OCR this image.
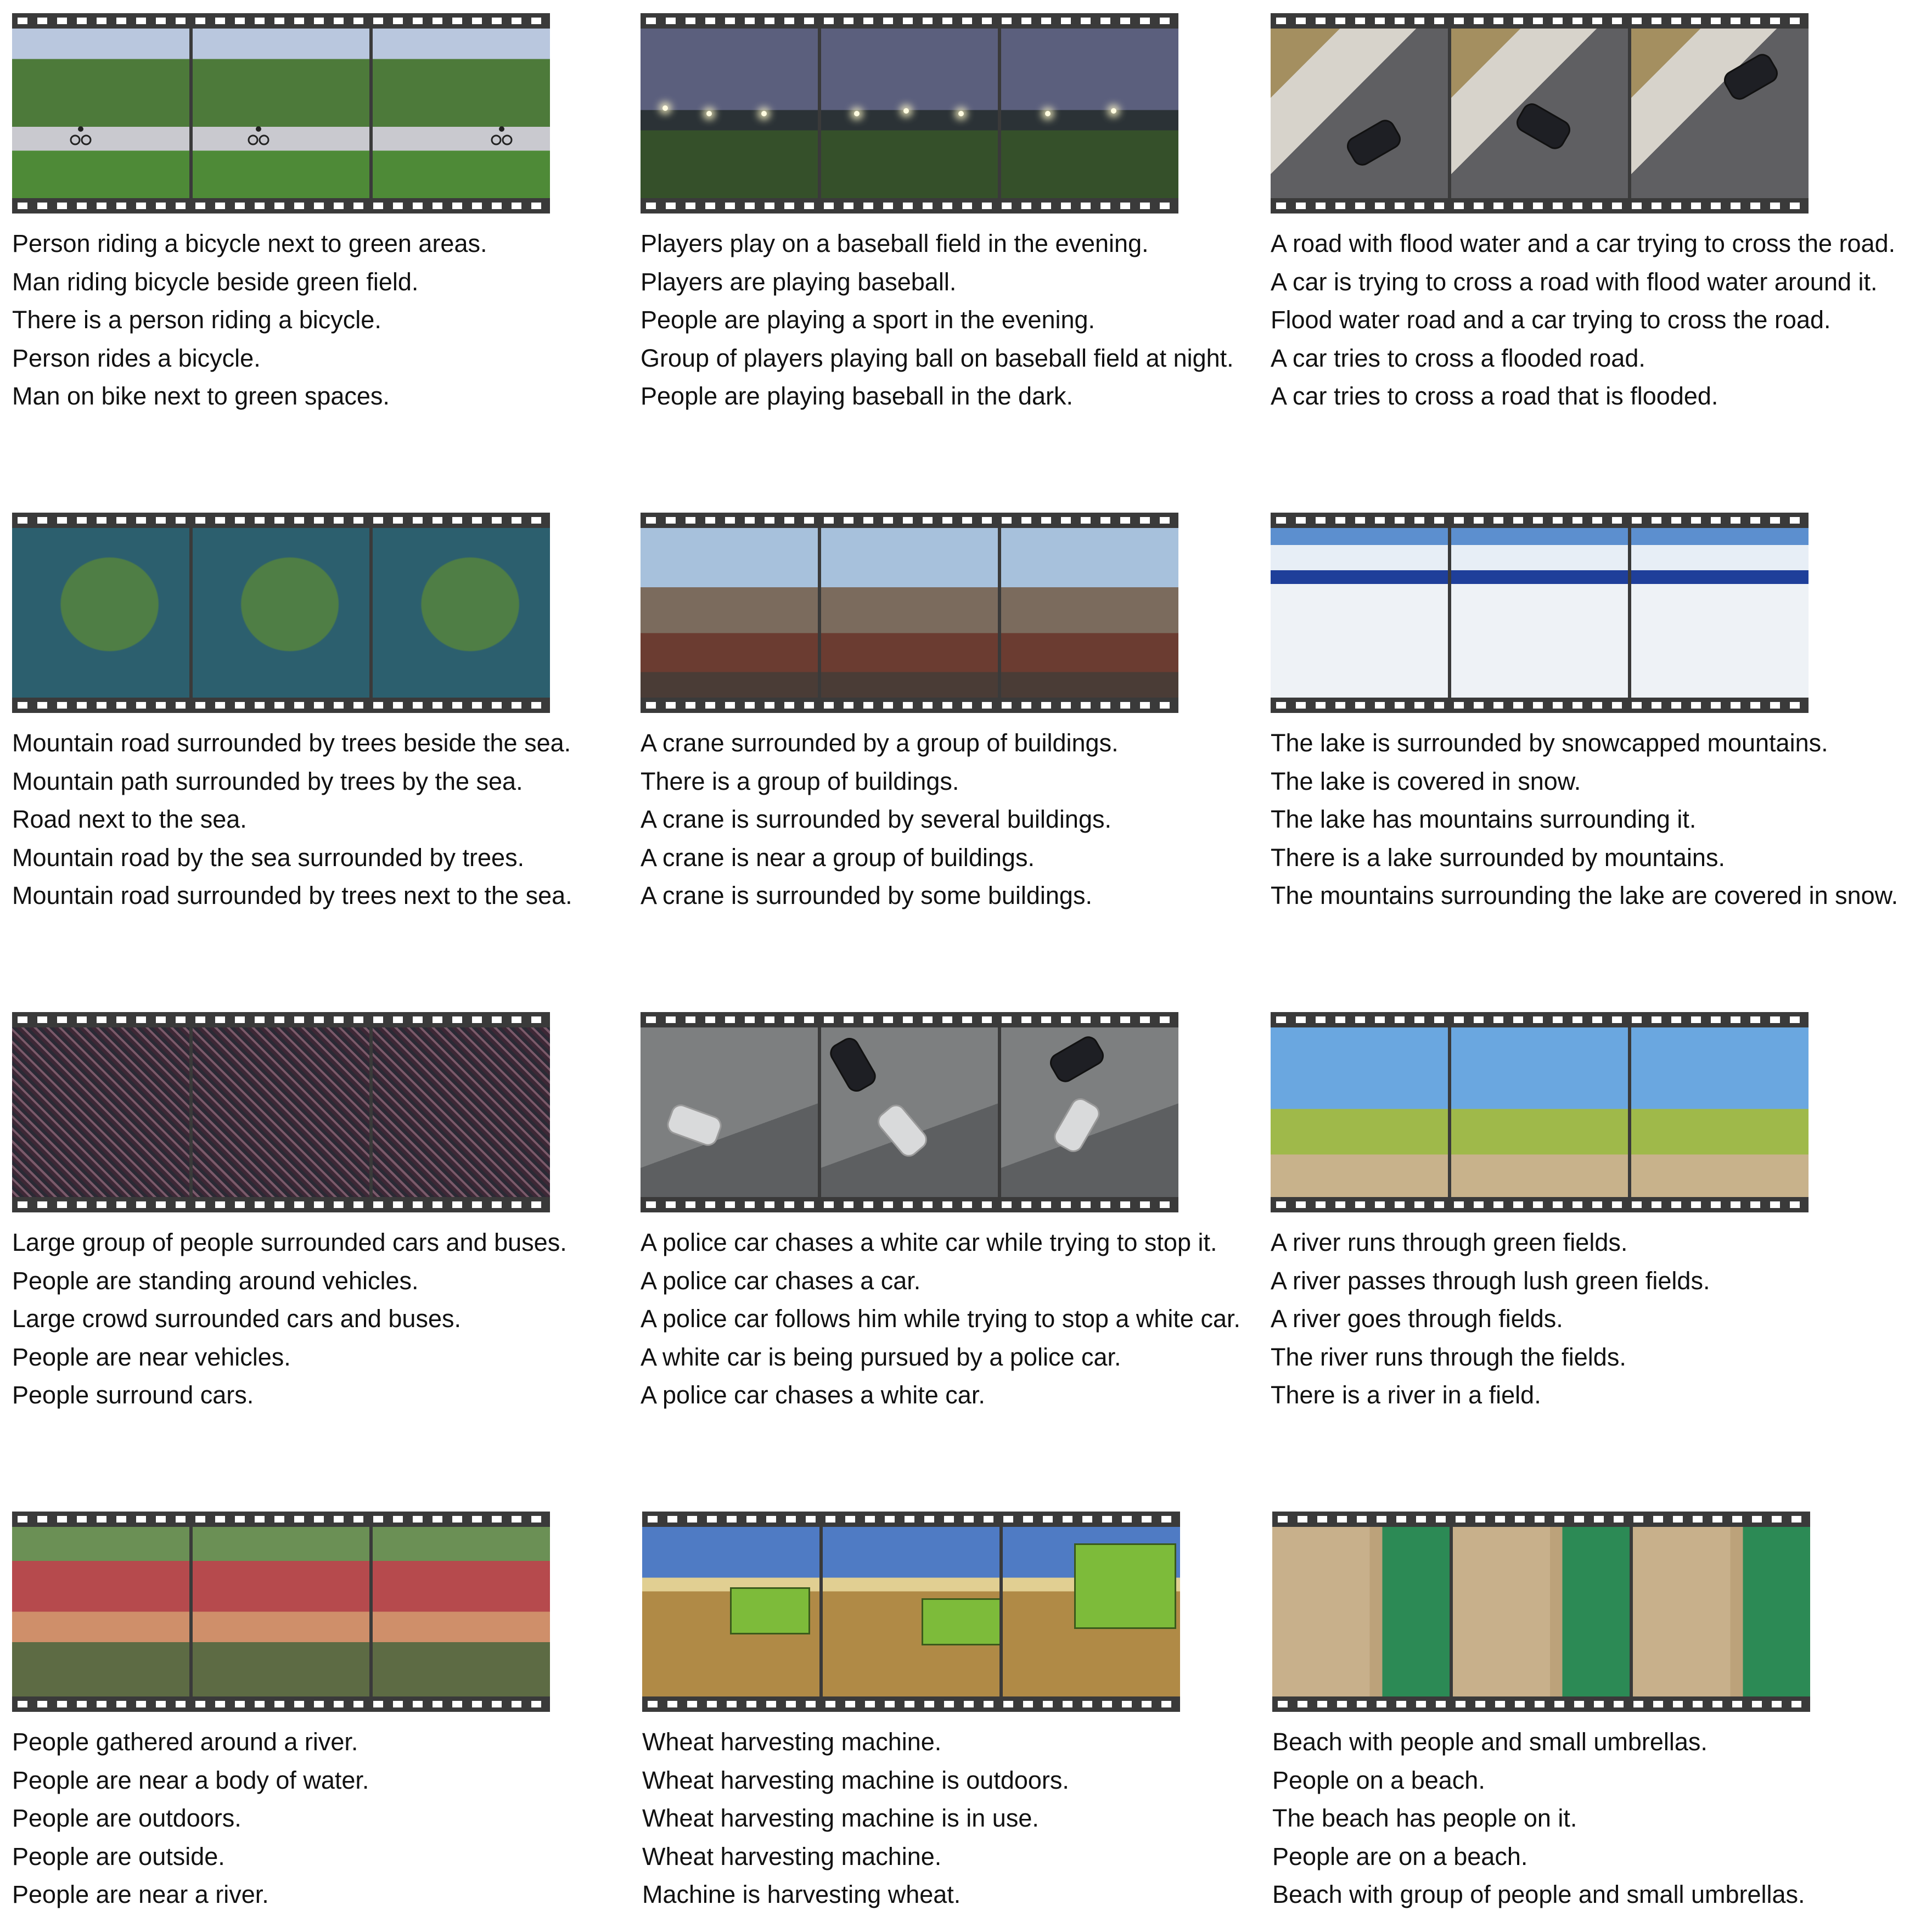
Person riding a bicycle next to green areas.
Man riding bicycle beside green field.
There is a person riding a bicycle.
Person rides a bicycle.
Man on bike next to green spaces.
Players play on a baseball field in the evening.
Players are playing baseball.
People are playing a sport in the evening.
Group of players playing ball on baseball field at night.
People are playing baseball in the dark.
A road with flood water and a car trying to cross the road.
A car is trying to cross a road with flood water around it.
Flood water road and a car trying to cross the road.
A car tries to cross a flooded road.
A car tries to cross a road that is flooded.
Mountain road surrounded by trees beside the sea.
Mountain path surrounded by trees by the sea.
Road next to the sea.
Mountain road by the sea surrounded by trees.
Mountain road surrounded by trees next to the sea.
A crane surrounded by a group of buildings.
There is a group of buildings.
A crane is surrounded by several buildings.
A crane is near a group of buildings.
A crane is surrounded by some buildings.
The lake is surrounded by snowcapped mountains.
The lake is covered in snow.
The lake has mountains surrounding it.
There is a lake surrounded by mountains.
The mountains surrounding the lake are covered in snow.
Large group of people surrounded cars and buses.
People are standing around vehicles.
Large crowd surrounded cars and buses.
People are near vehicles.
People surround cars.
A police car chases a white car while trying to stop it.
A police car chases a car.
A police car follows him while trying to stop a white car.
A white car is being pursued by a police car.
A police car chases a white car.
A river runs through green fields.
A river passes through lush green fields.
A river goes through fields.
The river runs through the fields.
There is a river in a field.
People gathered around a river.
People are near a body of water.
People are outdoors.
People are outside.
People are near a river.
Wheat harvesting machine.
Wheat harvesting machine is outdoors.
Wheat harvesting machine is in use.
Wheat harvesting machine.
Machine is harvesting wheat.
Beach with people and small umbrellas.
People on a beach.
The beach has people on it.
People are on a beach.
Beach with group of people and small umbrellas.
